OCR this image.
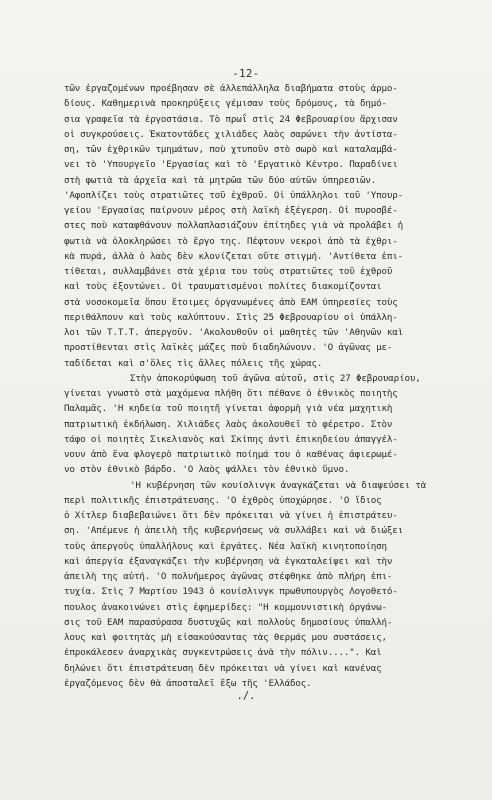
-12-
τῶν ἐργαζομένων προέβησαν σὲ ἀλλεπάλληλα διαβήματα στοὺς ἁρμο-
δίους. Καθημερινὰ προκηρύξεις γέμισαν τοὺς δρόμους, τὰ δημό-
σια γραφεῖα τὰ ἐργοστάσια. Τὸ πρωΐ στὶς 24 Φεβρουαρίου ἄρχισαν
οἱ συγκρούσεις. Ἑκατοντάδες χιλιάδες λαὸς σαρώνει τὴν ἀντίστα-
ση, τῶν ἐχθρικῶν τμημάτων, ποὺ χτυποῦν στὸ σωρὸ καὶ καταλαμβά-
νει τὸ 'Υπουργεῖο 'Εργασίας καὶ τὸ 'Εργατικὸ Κέντρο. Παραδίνει
στὴ φωτιὰ τὰ ἀρχεῖα καὶ τὰ μητρῶα τῶν δύο αὐτῶν ὑπηρεσιῶν.
'Αφοπλίζει τοὺς στρατιῶτες τοῦ ἐχθροῦ. Οἱ ὑπάλληλοι τοῦ 'Υπουρ-
γείου 'Εργασίας παίρνουν μέρος στὴ λαϊκὴ ἐξέγερση. Οἱ πυροσβέ-
στες ποὺ καταφθάνουν πολλαπλασιάζουν ἐπίτηδες γιὰ νὰ προλάβει ἡ
φωτιὰ νὰ ὁλοκληρώσει τὸ ἔργο της. Πέφτουν νεκροὶ ἀπὸ τὰ ἐχθρι-
κὰ πυρά, ἀλλὰ ὁ λαὸς δὲν κλονίζεται οὔτε στιγμή. 'Αντίθετα ἐπι-
τίθεται, συλλαμβάνει στὰ χέρια του τοὺς στρατιῶτες τοῦ ἐχθροῦ
καὶ τοὺς ἐξοντώνει. Οἱ τραυματισμένοι πολίτες διακομίζονται
στὰ νοσοκομεῖα ὅπου ἕτοιμες ὀργανωμένες ἀπὸ ΕΑΜ ὑπηρεσίες τοὺς
περιθάλπουν καὶ τοὺς καλύπτουν. Στὶς 25 Φεβρουαρίου οἱ ὑπάλλη-
λοι τῶν Τ.Τ.Τ. ἀπεργοῦν. 'Ακολουθοῦν οἱ μαθητὲς τῶν 'Αθηνῶν καὶ
προστίθενται στὶς λαϊκὲς μάζες ποὺ διαδηλώνουν. 'Ο ἀγῶνας με-
ταδίδεται καὶ σ'ὅλες τὶς ἄλλες πόλεις τῆς χώρας.
Στὴν ἀποκορύφωση τοῦ ἀγῶνα αὐτοῦ, στὶς 27 Φεβρουαρίου,
γίνεται γνωστὸ στὰ μαχόμενα πλήθη ὅτι πέθανε ὁ ἐθνικὸς ποιητὴς
Παλαμᾶς. 'Η κηδεία τοῦ ποιητῆ γίνεται ἀφορμὴ γιὰ νέα μαχητικὴ
πατριωτικὴ ἐκδήλωση. Χιλιάδες λαὸς ἀκολουθεῖ τὸ φέρετρο. Στὸν
τάφο οἱ ποιητὲς Σικελιανὸς καὶ Σκίπης ἀντὶ ἐπικηδείου ἀπαγγέλ-
νουν ἀπὸ ἕνα φλογερὸ πατριωτικὸ ποίημά του ὁ καθένας ἀφιερωμέ-
νο στὸν ἐθνικὸ βάρδο. 'Ο λαὸς ψάλλει τὸν ἐθνικὸ ὕμνο.
'Η κυβέρνηση τῶν κουίσλινγκ ἀναγκάζεται νὰ διαψεύσει τὰ
περὶ πολιτικῆς ἐπιστράτευσης. 'Ο ἐχθρὸς ὑποχώρησε. 'Ο ἴδιος
ὁ Χίτλερ διαβεβαιώνει ὅτι δὲν πρόκειται νὰ γίνει ἡ ἐπιστράτευ-
ση. 'Απέμενε ἡ ἀπειλὴ τῆς κυβερνήσεως νὰ συλλάβει καὶ νὰ διώξει
τοὺς ἀπεργοὺς ὑπαλλήλους καὶ ἐργάτες. Νέα λαϊκὴ κινητοποίηση
καὶ ἀπεργία ἐξαναγκάζει τὴν κυβέρνηση νὰ ἐγκαταλείψει καὶ τὴν
ἀπειλὴ της αὐτή. 'Ο πολυήμερος ἀγῶνας στέφθηκε ἀπὸ πλήρη ἐπι-
τυχία. Στὶς 7 Μαρτίου 1943 ὁ κουίσλινγκ πρωθυπουργὸς Λογοθετό-
πουλος ἀνακοινώνει στὶς ἐφημερίδες: "Η κομμουνιστικὴ ὀργάνω-
σις τοῦ ΕΑΜ παρασύρασα δυστυχῶς καὶ πολλοὺς δημοσίους ὑπαλλή-
λους καὶ φοιτητὰς μὴ εἰσακούσαντας τὰς θερμάς μου συστάσεις,
ἐπροκάλεσεν ἀναρχικὰς συγκεντρώσεις ἀνὰ τὴν πόλιν....". Καὶ
δηλώνει ὅτι ἐπιστράτευση δὲν πρόκειται νὰ γίνει καὶ κανένας
ἐργαζόμενος δὲν θὰ ἀποσταλεῖ ἔξω τῆς 'Ελλάδος.
./.
